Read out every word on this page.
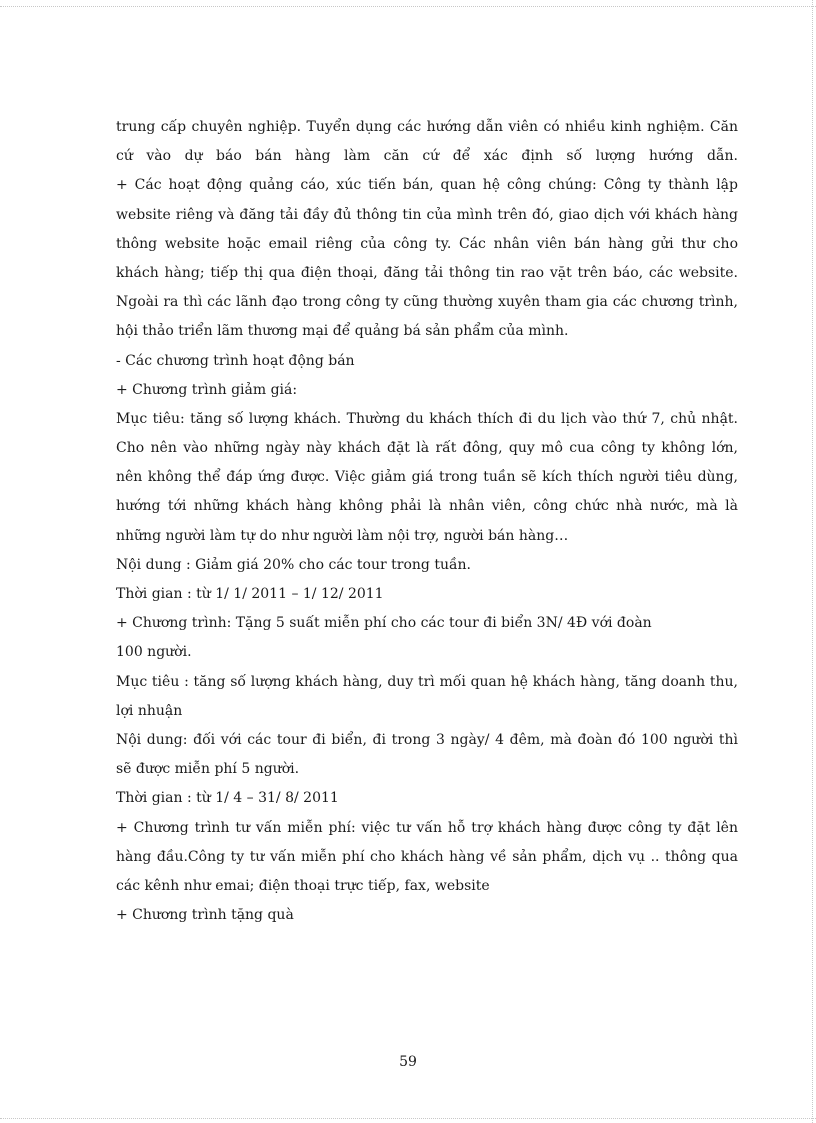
trung cấp chuyên nghiệp. Tuyển dụng các hướng dẫn viên có nhiều kinh nghiệm. Căn
cứ vào dự báo bán hàng làm căn cứ để xác định số lượng hướng dẫn.
+ Các hoạt động quảng cáo, xúc tiến bán, quan hệ công chúng: Công ty thành lập
website riêng và đăng tải đầy đủ thông tin của mình trên đó, giao dịch với khách hàng
thông website hoặc email riêng của công ty. Các nhân viên bán hàng gửi thư cho
khách hàng; tiếp thị qua điện thoại, đăng tải thông tin rao vặt trên báo, các website.
Ngoài ra thì các lãnh đạo trong công ty cũng thường xuyên tham gia các chương trình,
hội thảo triển lãm thương mại để quảng bá sản phẩm của mình.
- Các chương trình hoạt động bán
+ Chương trình giảm giá:
Mục tiêu: tăng số lượng khách. Thường du khách thích đi du lịch vào thứ 7, chủ nhật.
Cho nên vào những ngày này khách đặt là rất đông, quy mô cua công ty không lớn,
nên không thể đáp ứng được. Việc giảm giá trong tuần sẽ kích thích người tiêu dùng,
hướng tới những khách hàng không phải là nhân viên, công chức nhà nước, mà là
những người làm tự do như người làm nội trợ, người bán hàng…
Nội dung : Giảm giá 20% cho các tour trong tuần.
Thời gian : từ 1/ 1/ 2011 – 1/ 12/ 2011
+ Chương trình: Tặng 5 suất miễn phí cho các tour đi biển 3N/ 4Đ với đoàn
100 người.
Mục tiêu : tăng số lượng khách hàng, duy trì mối quan hệ khách hàng, tăng doanh thu,
lợi nhuận
Nội dung: đối với các tour đi biển, đi trong 3 ngày/ 4 đêm, mà đoàn đó 100 người thì
sẽ được miễn phí 5 người.
Thời gian : từ 1/ 4 – 31/ 8/ 2011
+ Chương trình tư vấn miễn phí: việc tư vấn hỗ trợ khách hàng được công ty đặt lên
hàng đầu.Công ty tư vấn miễn phí cho khách hàng về sản phẩm, dịch vụ .. thông qua
các kênh như emai; điện thoại trực tiếp, fax, website
+ Chương trình tặng quà
59
